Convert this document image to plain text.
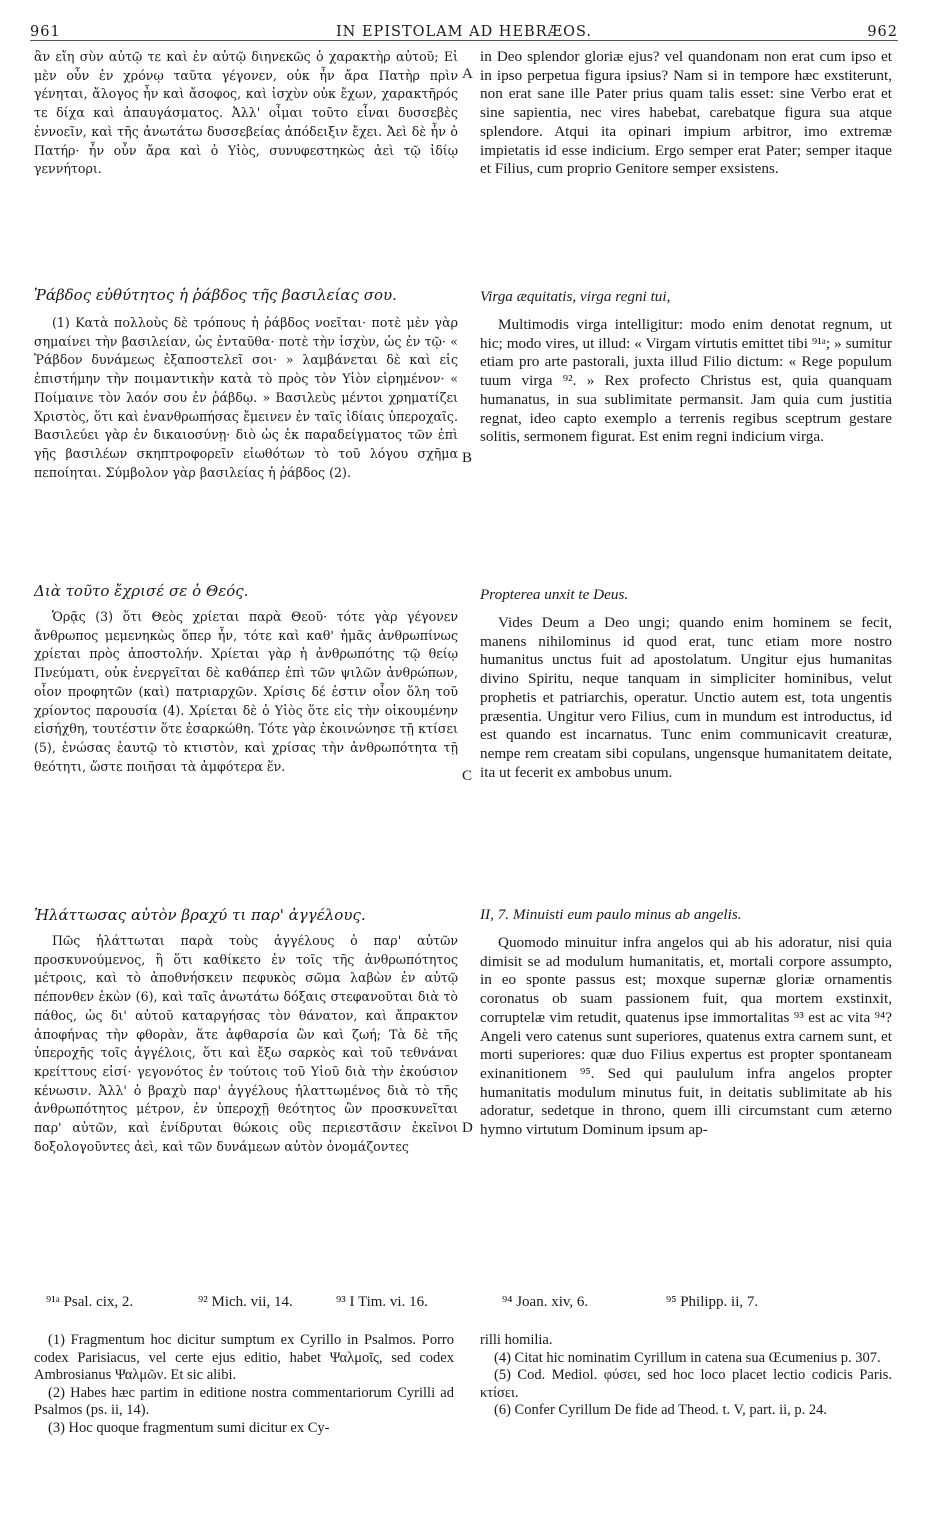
961	IN EPISTOLAM AD HEBRÆOS.	962

ἂν εἴη σὺν αὐτῷ τε καὶ ἐν αὐτῷ διηνεκῶς ὁ χαρακτὴρ αὐτοῦ; Εἰ μὲν οὖν ἐν χρόνῳ ταῦτα γέγονεν, οὐκ ἦν ἄρα Πατὴρ πρὶν γένηται, ἄλογος ἦν καὶ ἄσοφος, καὶ ἰσχὺν οὐκ ἔχων, χαρακτῆρός τε δίχα καὶ ἀπαυγάσματος. Ἀλλ' οἶμαι τοῦτο εἶναι δυσσεβὲς ἐννοεῖν, καὶ τῆς ἀνωτάτω δυσσεβείας ἀπόδειξιν ἔχει. Ἀεὶ δὲ ἦν ὁ Πατήρ· ἦν οὖν ἄρα καὶ ὁ Υἱὸς, συνυφεστηκὼς ἀεὶ τῷ ἰδίῳ γεννήτορι.

Ῥάβδος εὐθύτητος ἡ ῥάβδος τῆς βασιλείας σου.

(1) Κατὰ πολλοὺς δὲ τρόπους ἡ ῥάβδος νοεῖται· ποτὲ μὲν γὰρ σημαίνει τὴν βασιλείαν, ὡς ἐνταῦθα· ποτὲ τὴν ἰσχὺν, ὡς ἐν τῷ· « Ῥάβδον δυνάμεως ἐξαποστελεῖ σοι· » λαμβάνεται δὲ καὶ εἰς ἐπιστήμην τὴν ποιμαντικὴν κατὰ τὸ πρὸς τὸν Υἱὸν εἰρημένον· « Ποίμαινε τὸν λαόν σου ἐν ῥάβδῳ. » Βασιλεὺς μέντοι χρηματίζει Χριστὸς, ὅτι καὶ ἐνανθρωπήσας ἔμεινεν ἐν ταῖς ἰδίαις ὑπεροχαῖς. Βασιλεύει γὰρ ἐν δικαιοσύνῃ· διὸ ὡς ἐκ παραδείγματος τῶν ἐπὶ γῆς βασιλέων σκηπτροφορεῖν εἰωθότων τὸ τοῦ λόγου σχῆμα πεποίηται. Σύμβολον γὰρ βασιλείας ἡ ῥάβδος (2).

Διὰ τοῦτο ἔχρισέ σε ὁ Θεός.

Ὁρᾷς (3) ὅτι Θεὸς χρίεται παρὰ Θεοῦ· τότε γὰρ γέγονεν ἄνθρωπος μεμενηκὼς ὅπερ ἦν, τότε καὶ καθ' ἡμᾶς ἀνθρωπίνως χρίεται πρὸς ἀποστολήν. Χρίεται γὰρ ἡ ἀνθρωπότης τῷ θείῳ Πνεύματι, οὐκ ἐνεργεῖται δὲ καθάπερ ἐπὶ τῶν ψιλῶν ἀνθρώπων, οἷον προφητῶν (καὶ) πατριαρχῶν. Χρίσις δέ ἐστιν οἷον ὅλη τοῦ χρίοντος παρουσία (4). Χρίεται δὲ ὁ Υἱὸς ὅτε εἰς τὴν οἰκουμένην εἰσήχθη, τουτέστιν ὅτε ἐσαρκώθη. Τότε γὰρ ἐκοινώνησε τῇ κτίσει (5), ἑνώσας ἑαυτῷ τὸ κτιστὸν, καὶ χρίσας τὴν ἀνθρωπότητα τῇ θεότητι, ὥστε ποιῆσαι τὰ ἀμφότερα ἕν.

Ἠλάττωσας αὐτὸν βραχύ τι παρ' ἀγγέλους.

Πῶς ἠλάττωται παρὰ τοὺς ἀγγέλους ὁ παρ' αὐτῶν προσκυνούμενος, ἢ ὅτι καθίκετο ἐν τοῖς τῆς ἀνθρωπότητος μέτροις, καὶ τὸ ἀποθνήσκειν πεφυκὸς σῶμα λαβὼν ἐν αὐτῷ πέπονθεν ἑκὼν (6), καὶ ταῖς ἀνωτάτω δόξαις στεφανοῦται διὰ τὸ πάθος, ὡς δι' αὐτοῦ καταργήσας τὸν θάνατον, καὶ ἄπρακτον ἀποφήνας τὴν φθορὰν, ἅτε ἀφθαρσία ὢν καὶ ζωή; Τὰ δὲ τῆς ὑπεροχῆς τοῖς ἀγγέλοις, ὅτι καὶ ἔξω σαρκὸς καὶ τοῦ τεθνάναι κρείττους εἰσί· γεγονότος ἐν τούτοις τοῦ Υἱοῦ διὰ τὴν ἑκούσιον κένωσιν. Ἀλλ' ὁ βραχὺ παρ' ἀγγέλους ἠλαττωμένος διὰ τὸ τῆς ἀνθρωπότητος μέτρον, ἐν ὑπεροχῇ θεότητος ὢν προσκυνεῖται παρ' αὐτῶν, καὶ ἐνίδρυται θώκοις οὓς περιεστᾶσιν ἐκεῖνοι δοξολογοῦντες ἀεὶ, καὶ τῶν δυνάμεων αὐτὸν ὀνομάζοντες

A
B
C
D

in Deo splendor gloriæ ejus? vel quandonam non erat cum ipso et in ipso perpetua figura ipsius? Nam si in tempore hæc exstiterunt, non erat sane ille Pater prius quam talis esset: sine Verbo erat et sine sapientia, nec vires habebat, carebatque figura sua atque splendore. Atqui ita opinari impium arbitror, imo extremæ impietatis id esse indicium. Ergo semper erat Pater; semper itaque et Filius, cum proprio Genitore semper exsistens.

Virga æquitatis, virga regni tui,

Multimodis virga intelligitur: modo enim denotat regnum, ut hic; modo vires, ut illud: « Virgam virtutis emittet tibi ⁹¹ᵃ; » sumitur etiam pro arte pastorali, juxta illud Filio dictum: « Rege populum tuum virga ⁹². » Rex profecto Christus est, quia quanquam humanatus, in sua sublimitate permansit. Jam quia cum justitia regnat, ideo capto exemplo a terrenis regibus sceptrum gestare solitis, sermonem figurat. Est enim regni indicium virga.

Propterea unxit te Deus.

Vides Deum a Deo ungi; quando enim hominem se fecit, manens nihilominus id quod erat, tunc etiam more nostro humanitus unctus fuit ad apostolatum. Ungitur ejus humanitas divino Spiritu, neque tanquam in simpliciter hominibus, velut prophetis et patriarchis, operatur. Unctio autem est, tota ungentis præsentia. Ungitur vero Filius, cum in mundum est introductus, id est quando est incarnatus. Tunc enim communicavit creaturæ, nempe rem creatam sibi copulans, ungensque humanitatem deitate, ita ut fecerit ex ambobus unum.

II, 7. Minuisti eum paulo minus ab angelis.

Quomodo minuitur infra angelos qui ab his adoratur, nisi quia dimisit se ad modulum humanitatis, et, mortali corpore assumpto, in eo sponte passus est; moxque supernæ gloriæ ornamentis coronatus ob suam passionem fuit, qua mortem exstinxit, corruptelæ vim retudit, quatenus ipse immortalitas ⁹³ est ac vita ⁹⁴? Angeli vero catenus sunt superiores, quatenus extra carnem sunt, et morti superiores: quæ duo Filius expertus est propter spontaneam exinanitionem ⁹⁵. Sed qui paululum infra angelos propter humanitatis modulum minutus fuit, in deitatis sublimitate ab his adoratur, sedetque in throno, quem illi circumstant cum æterno hymno virtutum Dominum ipsum ap-

⁹¹ᵃ Psal. cix, 2.	⁹² Mich. vii, 14.	⁹³ I Tim. vi. 16.	⁹⁴ Joan. xiv, 6.	⁹⁵ Philipp. ii, 7.

(1) Fragmentum hoc dicitur sumptum ex Cyrillo in Psalmos. Porro codex Parisiacus, vel certe ejus editio, habet Ψαλμοῖς, sed codex Ambrosianus Ψαλμῶν. Et sic alibi.

(2) Habes hæc partim in editione nostra commentariorum Cyrilli ad Psalmos (ps. ii, 14).

(3) Hoc quoque fragmentum sumi dicitur ex Cy-

rilli homilia.

(4) Citat hic nominatim Cyrillum in catena sua Œcumenius p. 307.

(5) Cod. Mediol. φύσει, sed hoc loco placet lectio codicis Paris. κτίσει.

(6) Confer Cyrillum De fide ad Theod. t. V, part. ii, p. 24.
